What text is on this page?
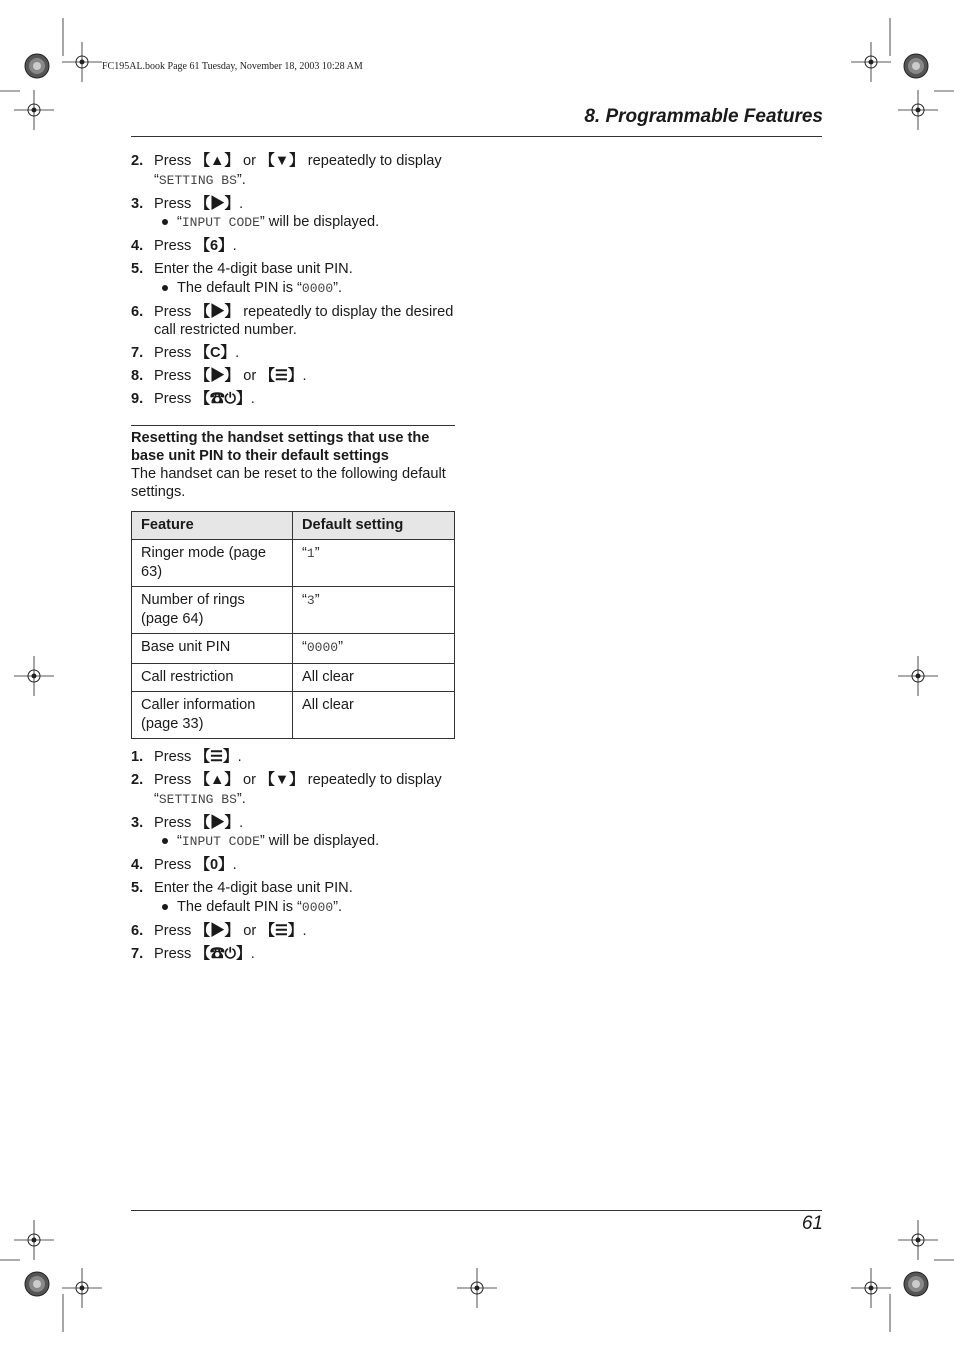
FC195AL.book Page 61 Tuesday, November 18, 2003 10:28 AM
8. Programmable Features
2. Press 【▲】 or 【▼】 repeatedly to display “SETTING BS”.
3. Press 【▶】.
“INPUT CODE” will be displayed.
4. Press 【6】.
5. Enter the 4-digit base unit PIN.
The default PIN is “0000”.
6. Press 【▶】 repeatedly to display the desired call restricted number.
7. Press 【C】.
8. Press 【▶】 or 【☰】.
9. Press 【☎⏻】.
Resetting the handset settings that use the base unit PIN to their default settings

The handset can be reset to the following default settings.

Feature	Default setting
Ringer mode (page 63)	“1”
Number of rings (page 64)	“3”
Base unit PIN	“0000”
Call restriction	All clear
Caller information (page 33)	All clear
1. Press 【☰】.
2. Press 【▲】 or 【▼】 repeatedly to display “SETTING BS”.
3. Press 【▶】.
“INPUT CODE” will be displayed.
4. Press 【0】.
5. Enter the 4-digit base unit PIN.
The default PIN is “0000”.
6. Press 【▶】 or 【☰】.
7. Press 【☎⏻】.
61
